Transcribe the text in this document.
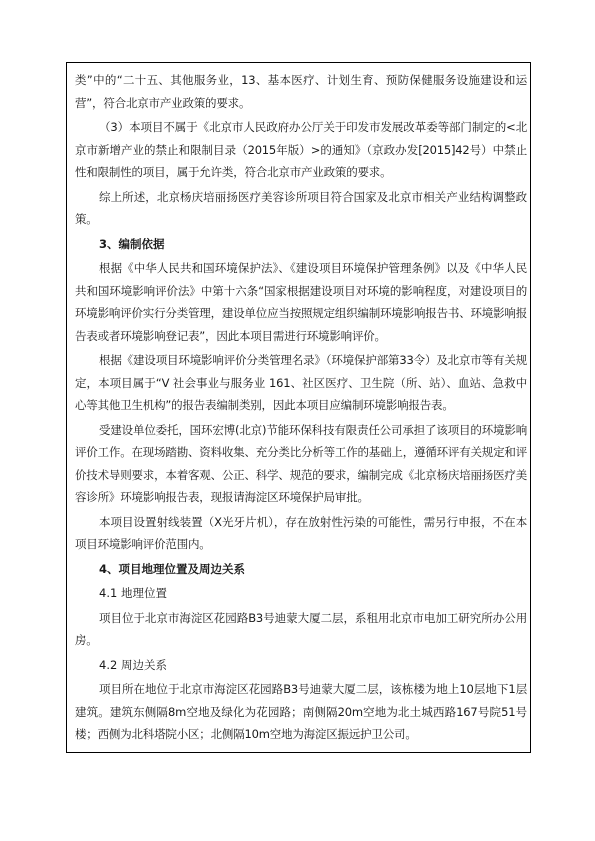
类”中的“二十五、其他服务业，13、基本医疗、计划生育、预防保健服务设施建设和运营”，符合北京市产业政策的要求。

（3）本项目不属于《北京市人民政府办公厅关于印发市发展改革委等部门制定的<北京市新增产业的禁止和限制目录（2015年版）>的通知》（京政办发[2015]42号）中禁止性和限制性的项目，属于允许类，符合北京市产业政策的要求。

综上所述，北京杨庆培丽扬医疗美容诊所项目符合国家及北京市相关产业结构调整政策。

3、编制依据

根据《中华人民共和国环境保护法》、《建设项目环境保护管理条例》以及《中华人民共和国环境影响评价法》中第十六条“国家根据建设项目对环境的影响程度，对建设项目的环境影响评价实行分类管理，建设单位应当按照规定组织编制环境影响报告书、环境影响报告表或者环境影响登记表”，因此本项目需进行环境影响评价。

根据《建设项目环境影响评价分类管理名录》（环境保护部第33令）及北京市等有关规定，本项目属于“V 社会事业与服务业 161、社区医疗、卫生院（所、站）、血站、急救中心等其他卫生机构”的报告表编制类别，因此本项目应编制环境影响报告表。

受建设单位委托，国环宏博(北京)节能环保科技有限责任公司承担了该项目的环境影响评价工作。在现场踏勘、资料收集、充分类比分析等工作的基础上，遵循环评有关规定和评价技术导则要求，本着客观、公正、科学、规范的要求，编制完成《北京杨庆培丽扬医疗美容诊所》环境影响报告表，现报请海淀区环境保护局审批。

本项目设置射线装置（X光牙片机），存在放射性污染的可能性，需另行申报，不在本项目环境影响评价范围内。

4、项目地理位置及周边关系

4.1 地理位置

项目位于北京市海淀区花园路B3号迪蒙大厦二层，系租用北京市电加工研究所办公用房。

4.2 周边关系

项目所在地位于北京市海淀区花园路B3号迪蒙大厦二层，该栋楼为地上10层地下1层建筑。建筑东侧隔8m空地及绿化为花园路；南侧隔20m空地为北土城西路167号院51号楼；西侧为北科塔院小区；北侧隔10m空地为海淀区振远护卫公司。
